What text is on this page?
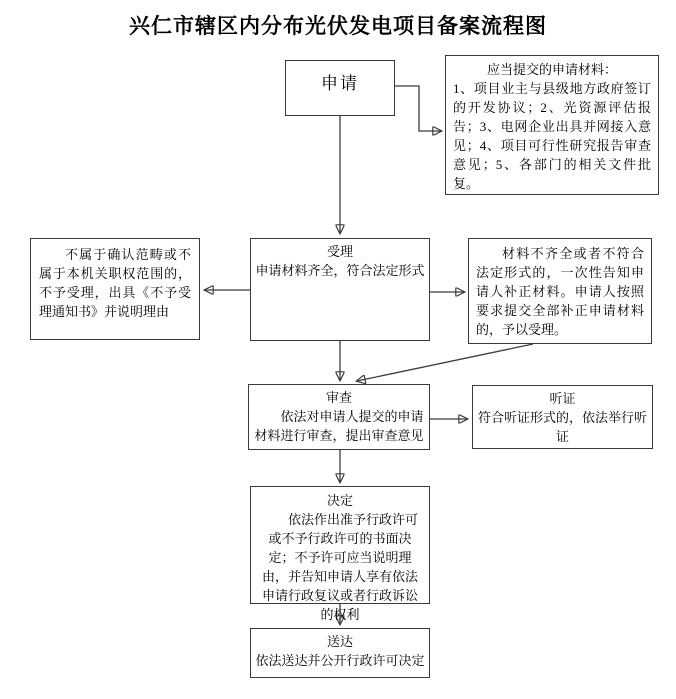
兴仁市辖区内分布光伏发电项目备案流程图
申请
应当提交的申请材料：
1、项目业主与县级地方政府签订的开发协议；2、光资源评估报告；3、电网企业出具并网接入意见；4、项目可行性研究报告审查意见；5、各部门的相关文件批复。
不属于确认范畴或不属于本机关职权范围的，不予受理，出具《不予受理通知书》并说明理由
受理
申请材料齐全，符合法定形式
材料不齐全或者不符合法定形式的，一次性告知申请人补正材料。申请人按照要求提交全部补正申请材料的，予以受理。
审查
依法对申请人提交的申请材料进行审查，提出审查意见
听证
符合听证形式的，依法举行听证
决定
依法作出准予行政许可或不予行政许可的书面决定；不予许可应当说明理由，并告知申请人享有依法申请行政复议或者行政诉讼的权利
送达
依法送达并公开行政许可决定
